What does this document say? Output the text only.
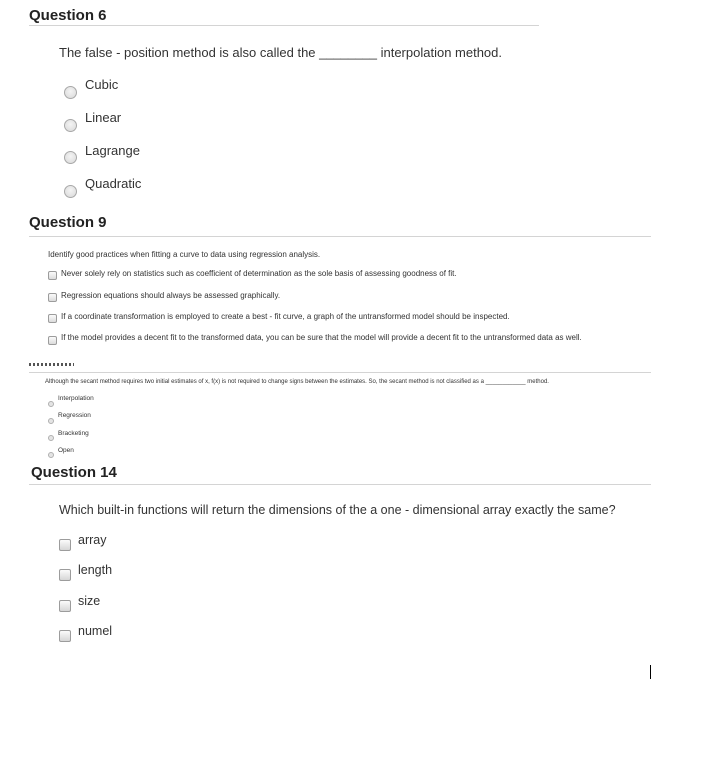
Question 6
The false - position method is also called the ________ interpolation method.
Cubic
Linear
Lagrange
Quadratic
Question 9
Identify good practices when fitting a curve to data using regression analysis.
Never solely rely on statistics such as coefficient of determination as the sole basis of assessing goodness of fit.
Regression equations should always be assessed graphically.
If a coordinate transformation is employed to create a best - fit curve, a graph of the untransformed model should be inspected.
If the model provides a decent fit to the transformed data, you can be sure that the model will provide a decent fit to the untransformed data as well.
Although the secant method requires two initial estimates of x, f(x) is not required to change signs between the estimates. So, the secant method is not classified as a ____________ method.
Interpolation
Regression
Bracketing
Open
Question 14
Which built-in functions will return the dimensions of the a one - dimensional array exactly the same?
array
length
size
numel
